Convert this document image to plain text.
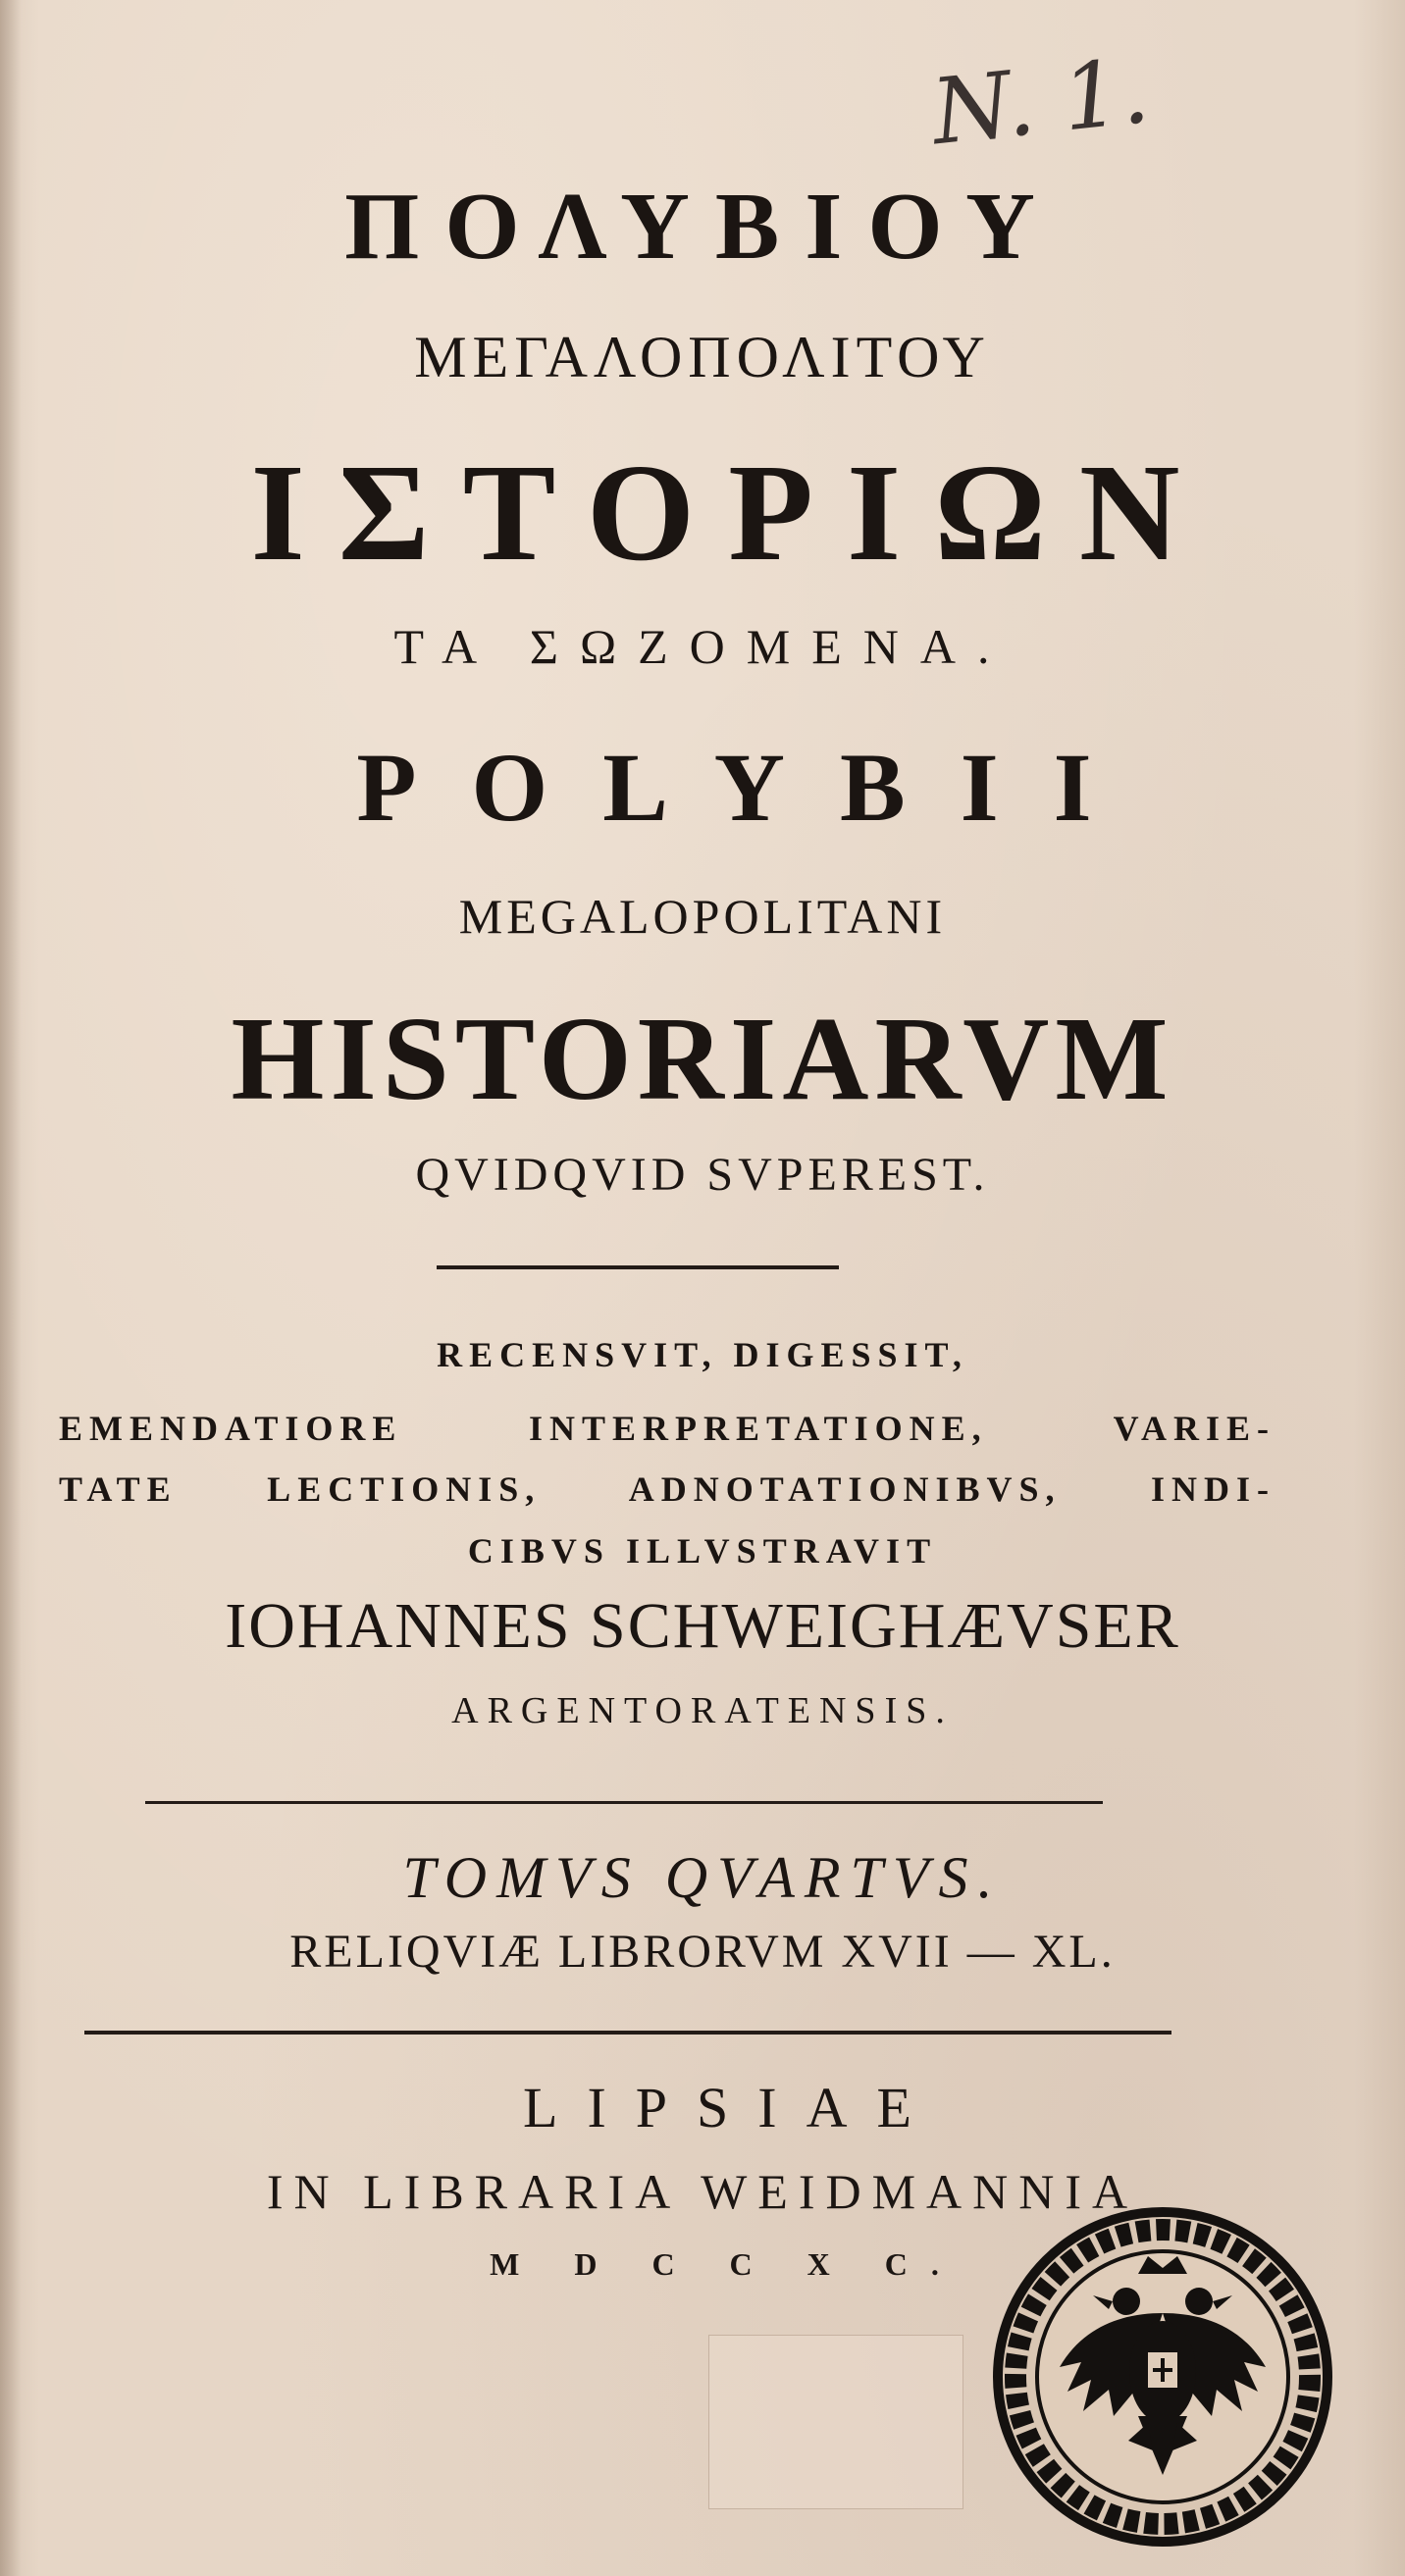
N. 1.
ΠΟΛΥΒΙΟΥ
ΜΕΓΑΛΟΠΟΛΙΤΟΥ
ΙΣΤΟΡΙΩΝ
ΤΑ ΣΩΖΟΜΕΝΑ.
POLYBII
MEGALOPOLITANI
HISTORIARVM
QVIDQVID SVPEREST.
RECENSVIT, DIGESSIT,
EMENDATIORE INTERPRETATIONE, VARIE-
TATE LECTIONIS, ADNOTATIONIBVS, INDI-
CIBVS ILLVSTRAVIT
IOHANNES SCHWEIGHÆVSER
ARGENTORATENSIS.
TOMVS QVARTVS.
RELIQVIÆ LIBRORVM XVII — XL.
LIPSIAE
IN LIBRARIA WEIDMANNIA
M D C C X C.
